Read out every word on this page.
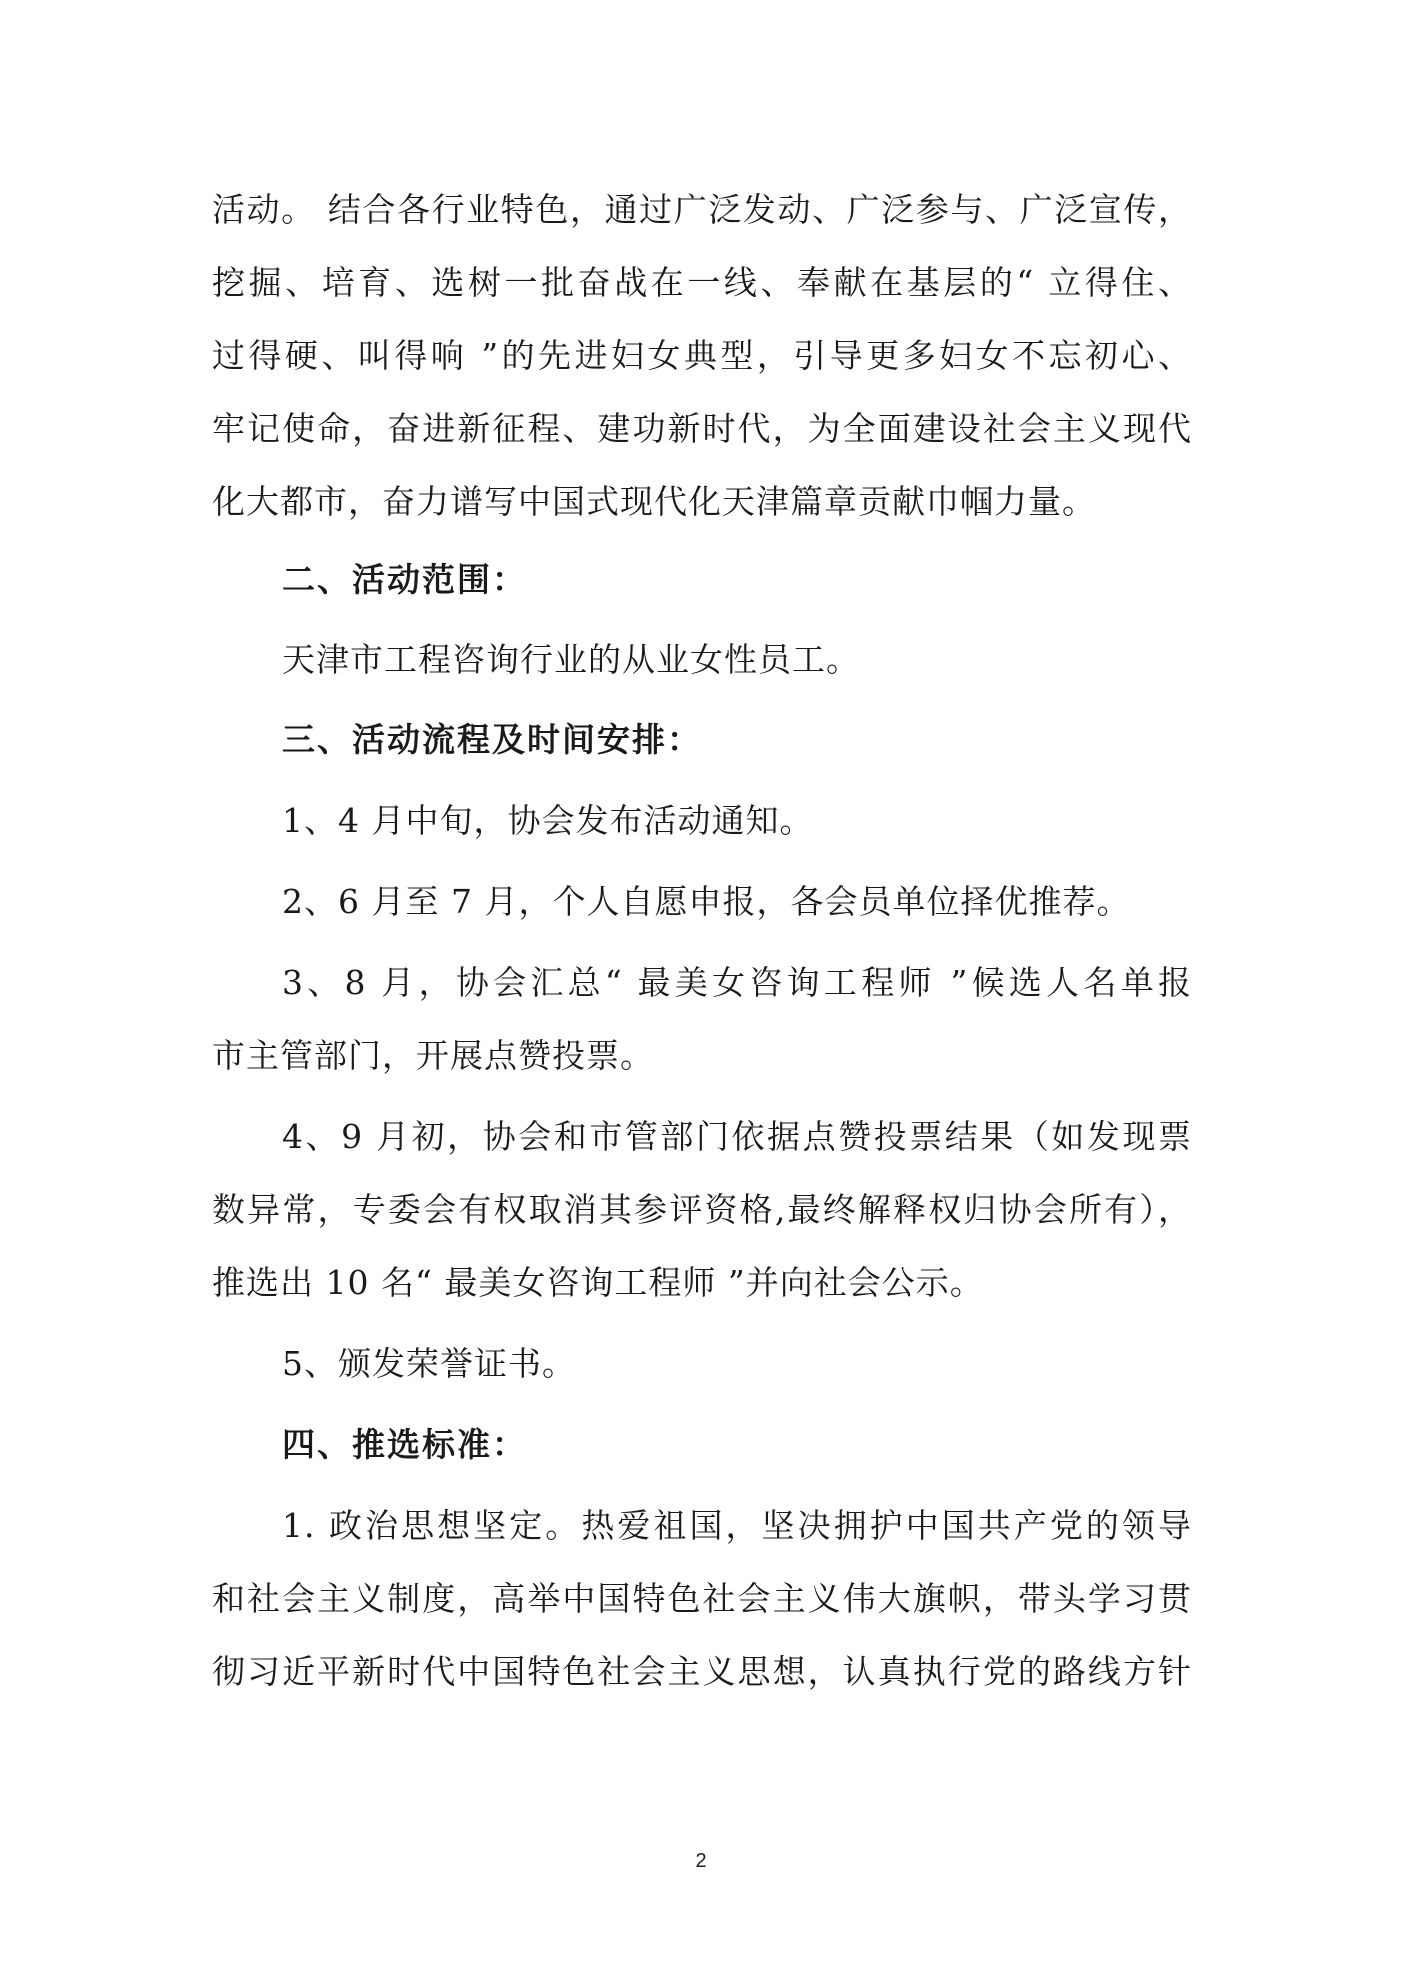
活动。 结合各行业特色，通过广泛发动、广泛参与、广泛宣传，
挖掘、培育、选树一批奋战在一线、奉献在基层的“ 立得住、
过得硬、叫得响 ”的先进妇女典型，引导更多妇女不忘初心、
牢记使命，奋进新征程、建功新时代，为全面建设社会主义现代
化大都市，奋力谱写中国式现代化天津篇章贡献巾帼力量。
二、活动范围：
天津市工程咨询行业的从业女性员工。
三、活动流程及时间安排：
1、4 月中旬，协会发布活动通知。
2、6 月至 7 月，个人自愿申报，各会员单位择优推荐。
3、8 月，协会汇总“ 最美女咨询工程师 ”候选人名单报
市主管部门，开展点赞投票。
4、9 月初，协会和市管部门依据点赞投票结果（如发现票
数异常，专委会有权取消其参评资格,最终解释权归协会所有），
推选出 10 名“ 最美女咨询工程师 ”并向社会公示。
5、颁发荣誉证书。
四、推选标准：
1. 政治思想坚定。热爱祖国，坚决拥护中国共产党的领导
和社会主义制度，高举中国特色社会主义伟大旗帜，带头学习贯
彻习近平新时代中国特色社会主义思想，认真执行党的路线方针
2
